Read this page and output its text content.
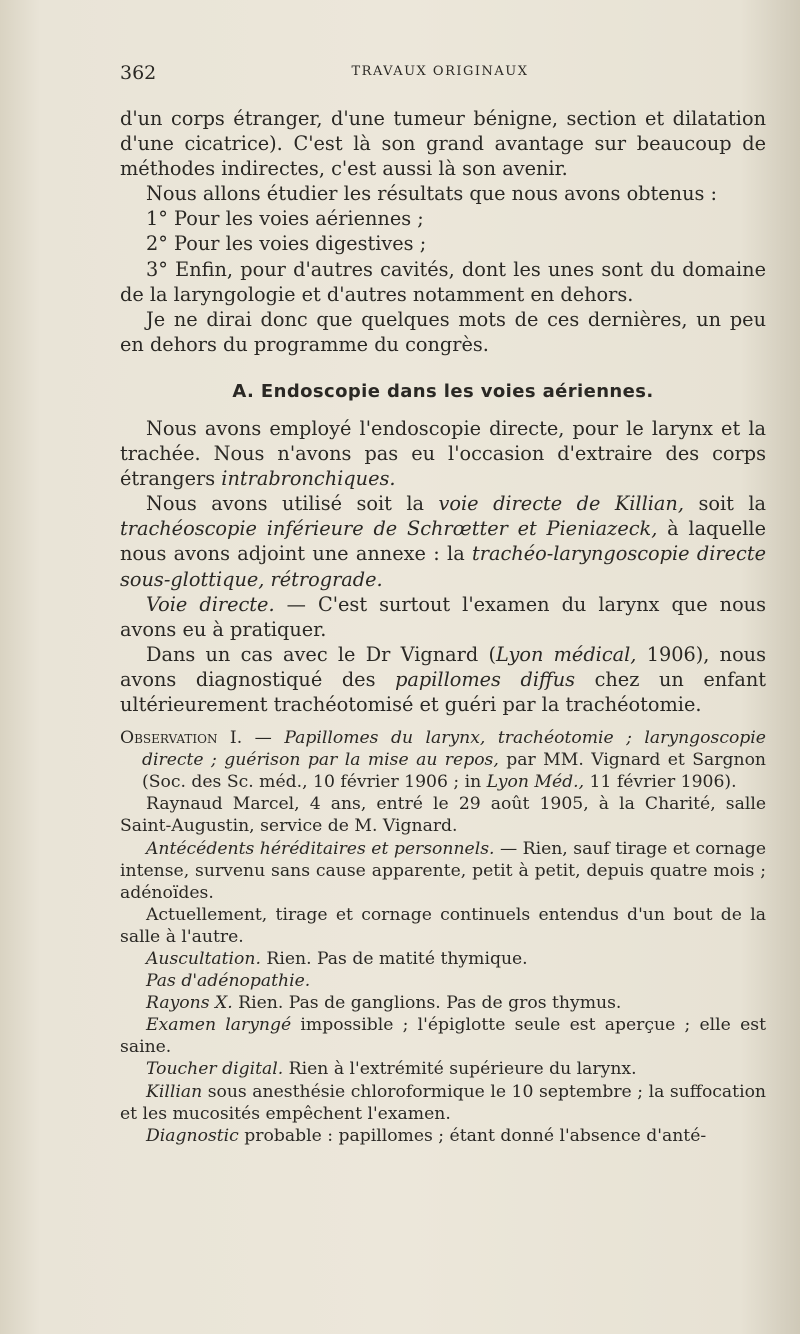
362	TRAVAUX ORIGINAUX

d'un corps étranger, d'une tumeur bénigne, section et dilatation d'une cicatrice). C'est là son grand avantage sur beaucoup de méthodes indirectes, c'est aussi là son avenir.

Nous allons étudier les résultats que nous avons obtenus :

1° Pour les voies aériennes ;

2° Pour les voies digestives ;

3° Enfin, pour d'autres cavités, dont les unes sont du domaine de la laryngologie et d'autres notamment en dehors.

Je ne dirai donc que quelques mots de ces dernières, un peu en dehors du programme du congrès.

A. Endoscopie dans les voies aériennes.

Nous avons employé l'endoscopie directe, pour le larynx et la trachée. Nous n'avons pas eu l'occasion d'extraire des corps étrangers intrabronchiques.

Nous avons utilisé soit la voie directe de Killian, soit la trachéoscopie inférieure de Schrœtter et Pieniazeck, à laquelle nous avons adjoint une annexe : la trachéo-laryngoscopie directe sous-glottique, rétrograde.

Voie directe. — C'est surtout l'examen du larynx que nous avons eu à pratiquer.

Dans un cas avec le Dr Vignard (Lyon médical, 1906), nous avons diagnostiqué des papillomes diffus chez un enfant ultérieurement trachéotomisé et guéri par la trachéotomie.

Observation I. — Papillomes du larynx, trachéotomie ; laryngoscopie directe ; guérison par la mise au repos, par MM. Vignard et Sargnon (Soc. des Sc. méd., 10 février 1906 ; in Lyon Méd., 11 février 1906).

Raynaud Marcel, 4 ans, entré le 29 août 1905, à la Charité, salle Saint-Augustin, service de M. Vignard.

Antécédents héréditaires et personnels. — Rien, sauf tirage et cornage intense, survenu sans cause apparente, petit à petit, depuis quatre mois ; adénoïdes.

Actuellement, tirage et cornage continuels entendus d'un bout de la salle à l'autre.

Auscultation. Rien. Pas de matité thymique.

Pas d'adénopathie.

Rayons X. Rien. Pas de ganglions. Pas de gros thymus.

Examen laryngé impossible ; l'épiglotte seule est aperçue ; elle est saine.

Toucher digital. Rien à l'extrémité supérieure du larynx.

Killian sous anesthésie chloroformique le 10 septembre ; la suffocation et les mucosités empêchent l'examen.

Diagnostic probable : papillomes ; étant donné l'absence d'anté-
